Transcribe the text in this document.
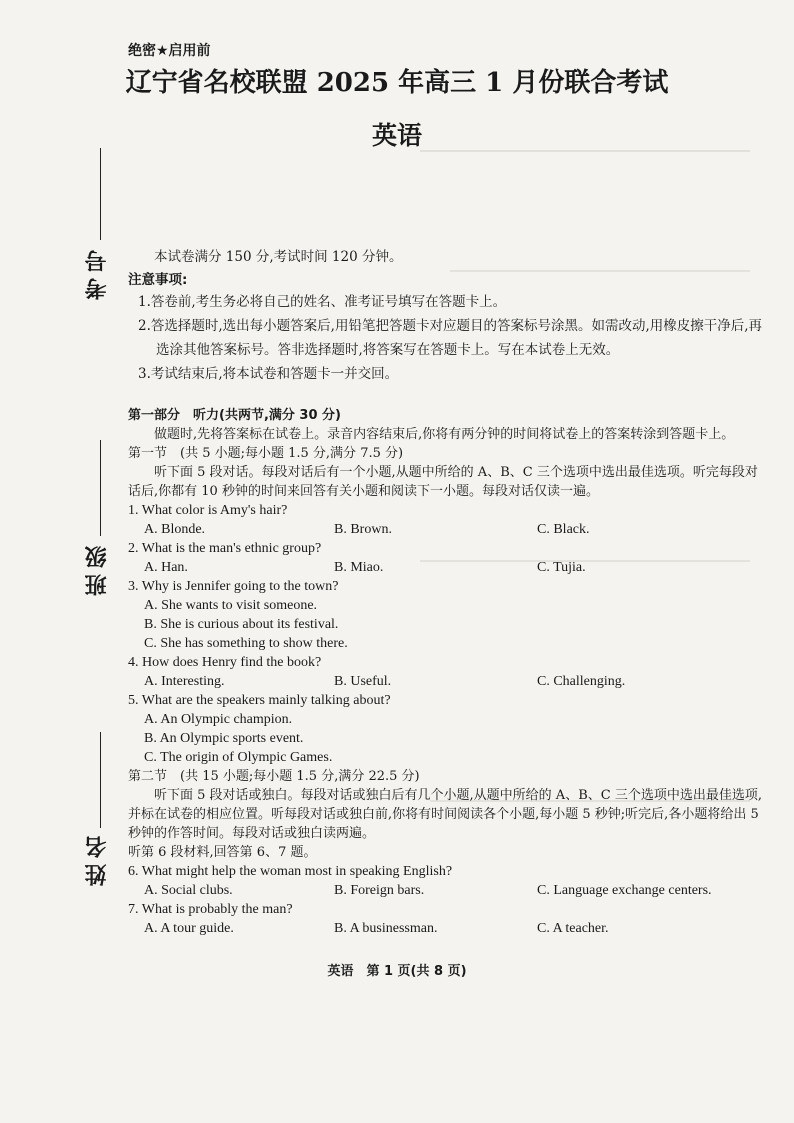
绝密★启用前
辽宁省名校联盟 2025 年高三 1 月份联合考试
英语
考号
班级
姓名

本试卷满分 150 分,考试时间 120 分钟。

注意事项:

1.答卷前,考生务必将自己的姓名、准考证号填写在答题卡上。

2.答选择题时,选出每小题答案后,用铅笔把答题卡对应题目的答案标号涂黑。如需改动,用橡皮擦干净后,再选涂其他答案标号。答非选择题时,将答案写在答题卡上。写在本试卷上无效。

3.考试结束后,将本试卷和答题卡一并交回。

第一部分　听力(共两节,满分 30 分)

做题时,先将答案标在试卷上。录音内容结束后,你将有两分钟的时间将试卷上的答案转涂到答题卡上。

第一节　(共 5 小题;每小题 1.5 分,满分 7.5 分)

听下面 5 段对话。每段对话后有一个小题,从题中所给的 A、B、C 三个选项中选出最佳选项。听完每段对话后,你都有 10 秒钟的时间来回答有关小题和阅读下一小题。每段对话仅读一遍。

1. What color is Amy's hair?

A. Blonde.	B. Brown.	C. Black.

2. What is the man's ethnic group?

A. Han.	B. Miao.	C. Tujia.

3. Why is Jennifer going to the town?

A. She wants to visit someone.

B. She is curious about its festival.

C. She has something to show there.

4. How does Henry find the book?

A. Interesting.	B. Useful.	C. Challenging.

5. What are the speakers mainly talking about?

A. An Olympic champion.

B. An Olympic sports event.

C. The origin of Olympic Games.

第二节　(共 15 小题;每小题 1.5 分,满分 22.5 分)

听下面 5 段对话或独白。每段对话或独白后有几个小题,从题中所给的 A、B、C 三个选项中选出最佳选项,并标在试卷的相应位置。听每段对话或独白前,你将有时间阅读各个小题,每小题 5 秒钟;听完后,各小题将给出 5 秒钟的作答时间。每段对话或独白读两遍。

听第 6 段材料,回答第 6、7 题。

6. What might help the woman most in speaking English?

A. Social clubs.	B. Foreign bars.	C. Language exchange centers.

7. What is probably the man?

A. A tour guide.	B. A businessman.	C. A teacher.
英语　第 1 页(共 8 页)
